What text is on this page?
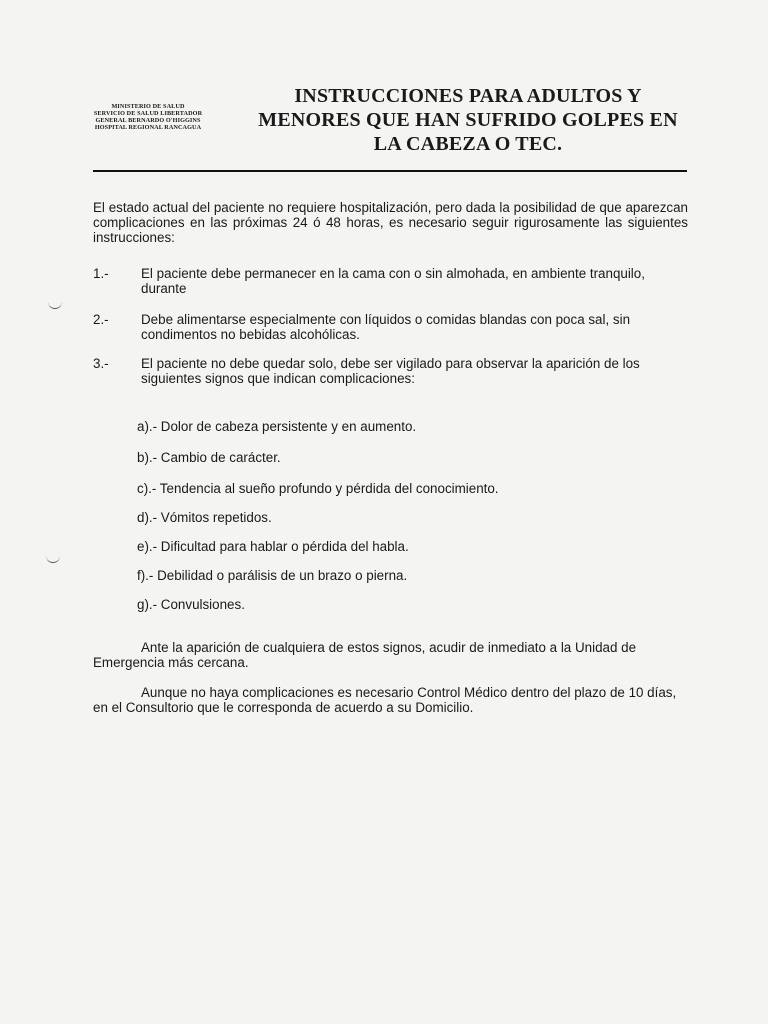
MINISTERIO DE SALUD
SERVICIO DE SALUD LIBERTADOR
GENERAL BERNARDO O'HIGGINS
HOSPITAL REGIONAL RANCAGUA
INSTRUCCIONES PARA ADULTOS Y
MENORES QUE HAN SUFRIDO GOLPES EN
LA CABEZA O TEC.
El estado actual del paciente no requiere hospitalización, pero dada la posibilidad de que aparezcan complicaciones en las próximas 24 ó 48 horas, es necesario seguir rigurosamente las siguientes instrucciones:
1.-	El paciente debe permanecer en la cama con o sin almohada, en ambiente tranquilo, durante
2.-	Debe alimentarse especialmente con líquidos o comidas blandas con poca sal, sin condimentos no bebidas alcohólicas.
3.-	El paciente no debe quedar solo, debe ser vigilado para observar la aparición de los siguientes signos que indican complicaciones:
a).- Dolor de cabeza persistente y en aumento.
b).- Cambio de carácter.
c).- Tendencia al sueño profundo y pérdida del conocimiento.
d).- Vómitos repetidos.
e).- Dificultad para hablar o pérdida del habla.
f).- Debilidad o parálisis de un brazo o pierna.
g).- Convulsiones.
Ante la aparición de cualquiera de estos signos, acudir de inmediato a la Unidad de Emergencia más cercana.
Aunque no haya complicaciones es necesario Control Médico dentro del plazo de 10 días, en el Consultorio que le corresponda de acuerdo a su Domicilio.
